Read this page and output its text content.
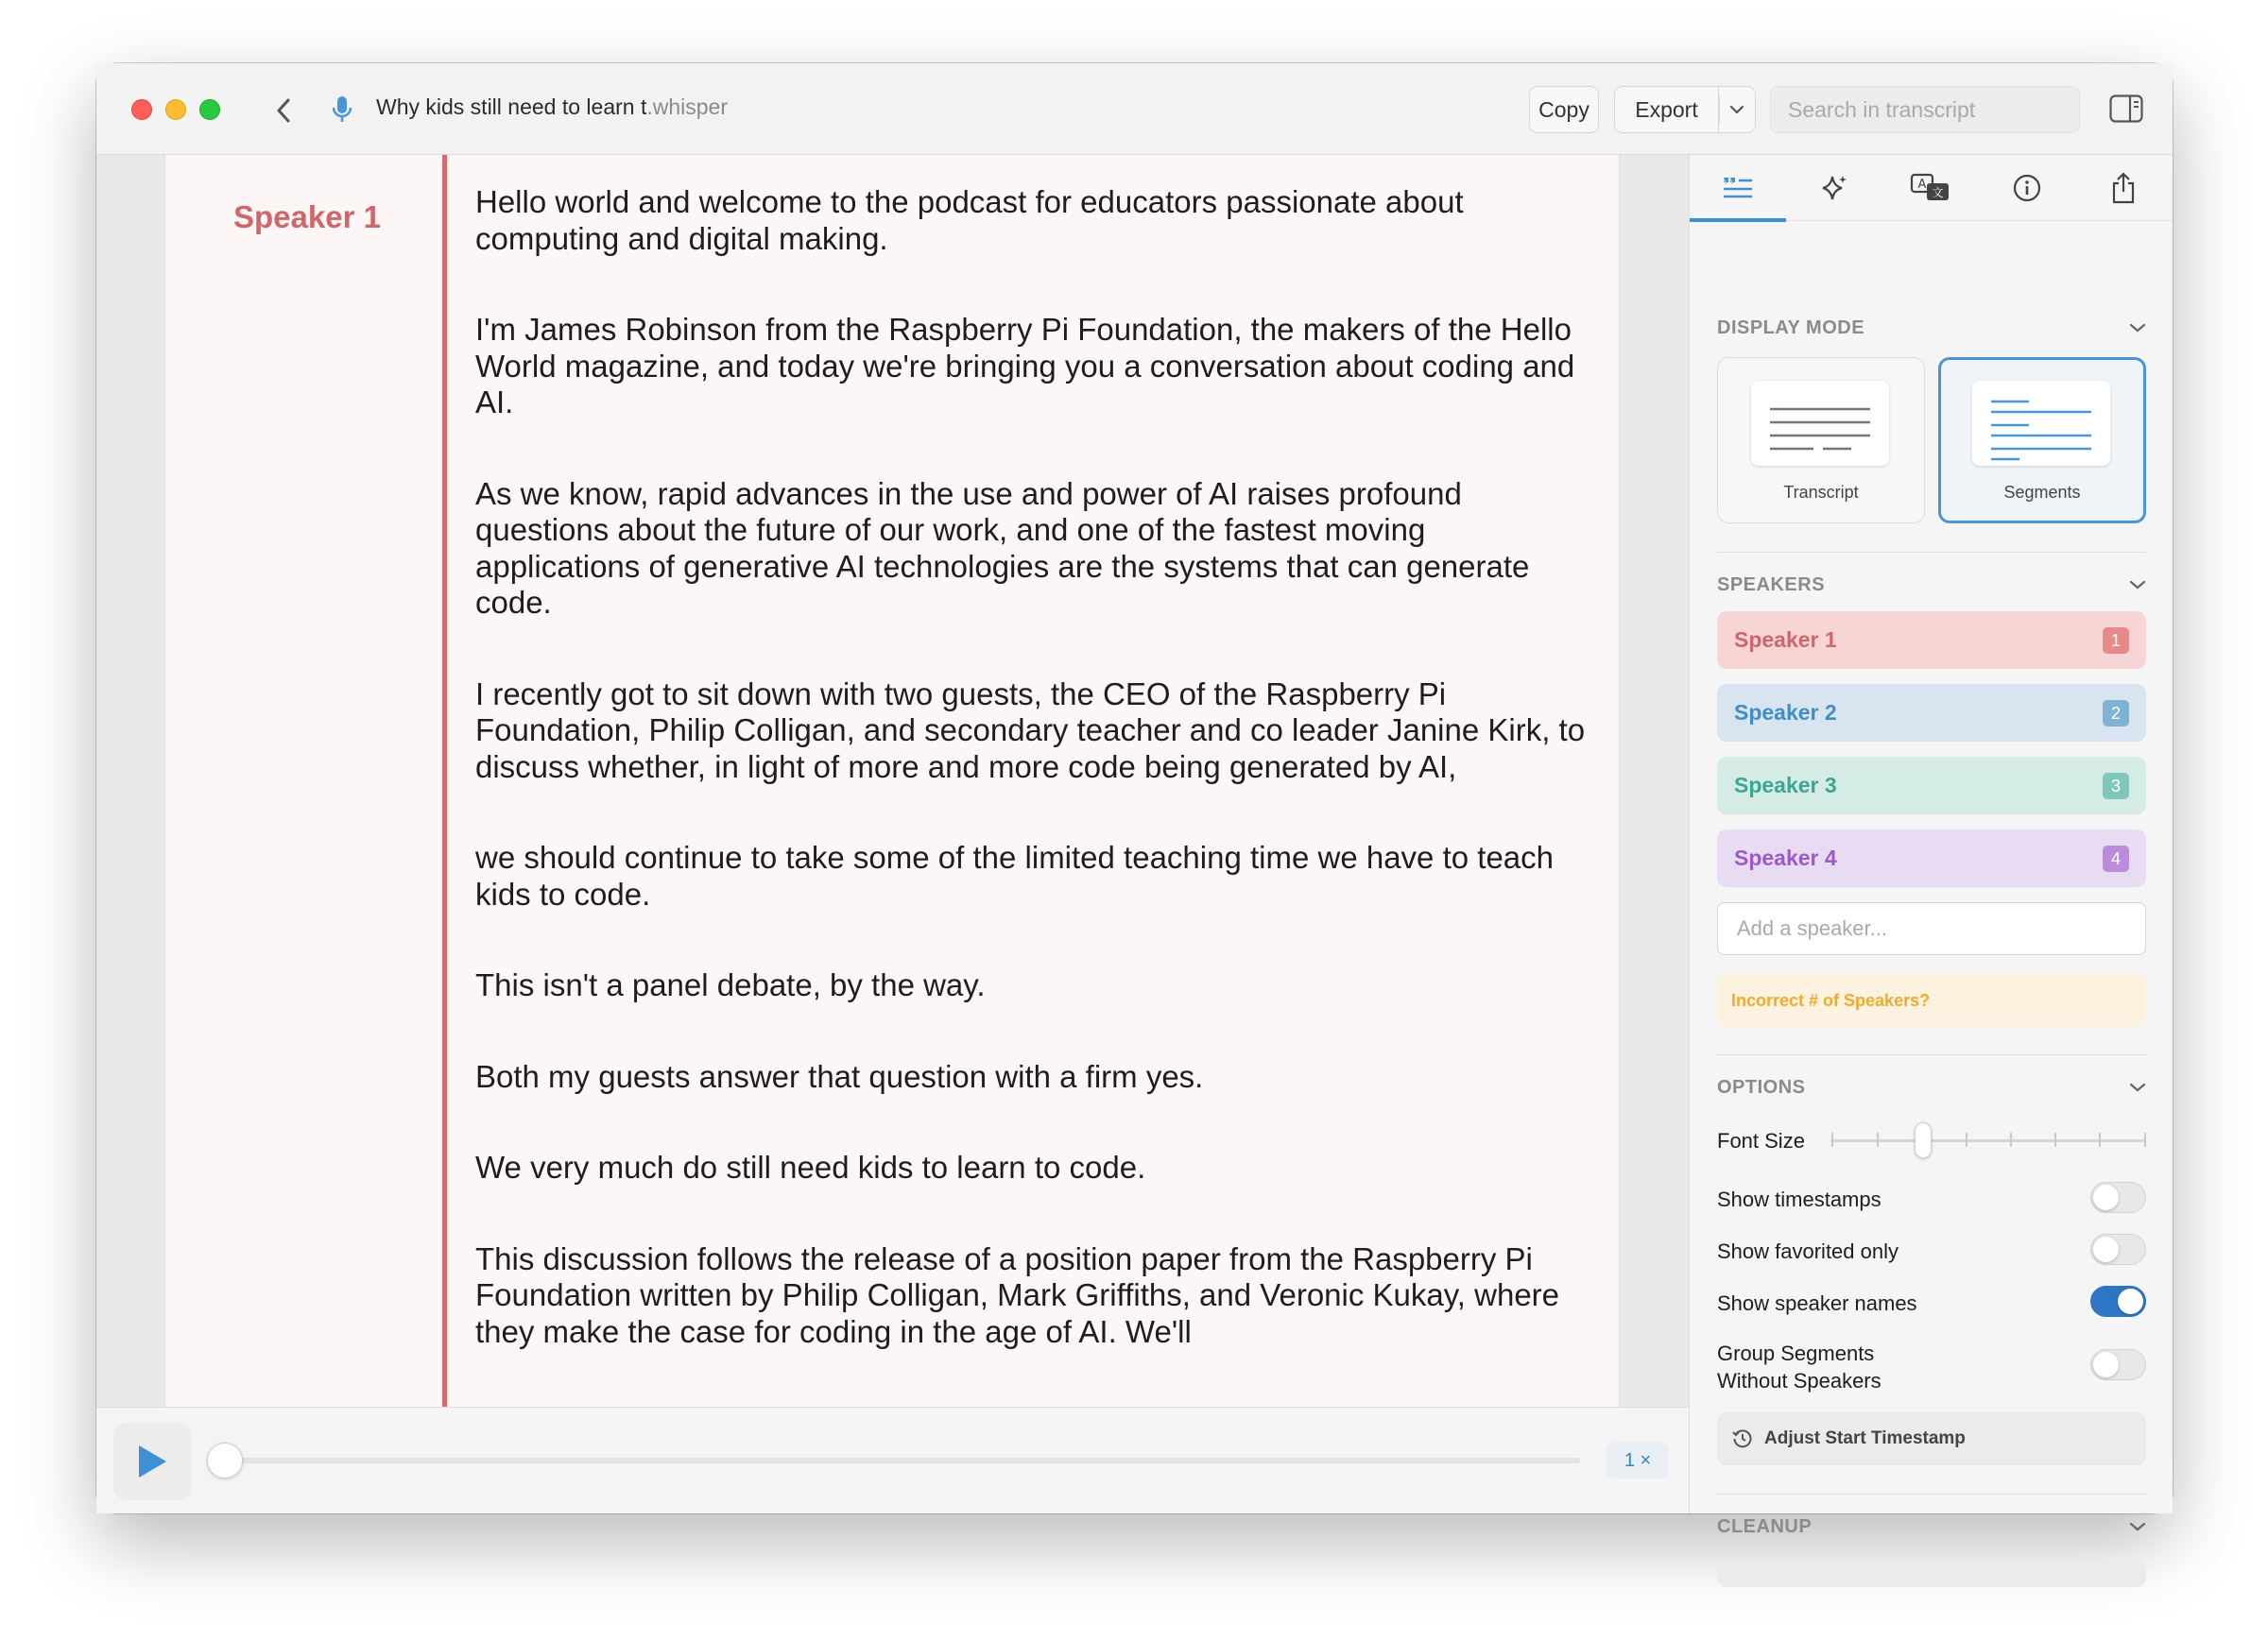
Why kids still need to learn t.whisper	Copy	Export
Search in transcript
Speaker 1	Hello world and welcome to the podcast for educators passionate about computing and digital making.

I'm James Robinson from the Raspberry Pi Foundation, the makers of the Hello World magazine, and today we're bringing you a conversation about coding and AI.

As we know, rapid advances in the use and power of AI raises profound questions about the future of our work, and one of the fastest moving applications of generative AI technologies are the systems that can generate code.

I recently got to sit down with two guests, the CEO of the Raspberry Pi Foundation, Philip Colligan, and secondary teacher and co leader Janine Kirk, to discuss whether, in light of more and more code being generated by AI,

we should continue to take some of the limited teaching time we have to teach kids to code.

This isn't a panel debate, by the way.

Both my guests answer that question with a firm yes.

We very much do still need kids to learn to code.

This discussion follows the release of a position paper from the Raspberry Pi Foundation written by Philip Colligan, Mark Griffiths, and Veronic Kukay, where they make the case for coding in the age of AI. We'll

1 ×
A
文
DISPLAY MODE
Transcript	Segments
SPEAKERS
Speaker 1	1
Speaker 2	2
Speaker 3	3
Speaker 4	4
Add a speaker...
Incorrect # of Speakers?
OPTIONS
Font Size
Show timestamps
Show favorited only
Show speaker names
Group Segments
Without Speakers
Adjust Start Timestamp
CLEANUP
